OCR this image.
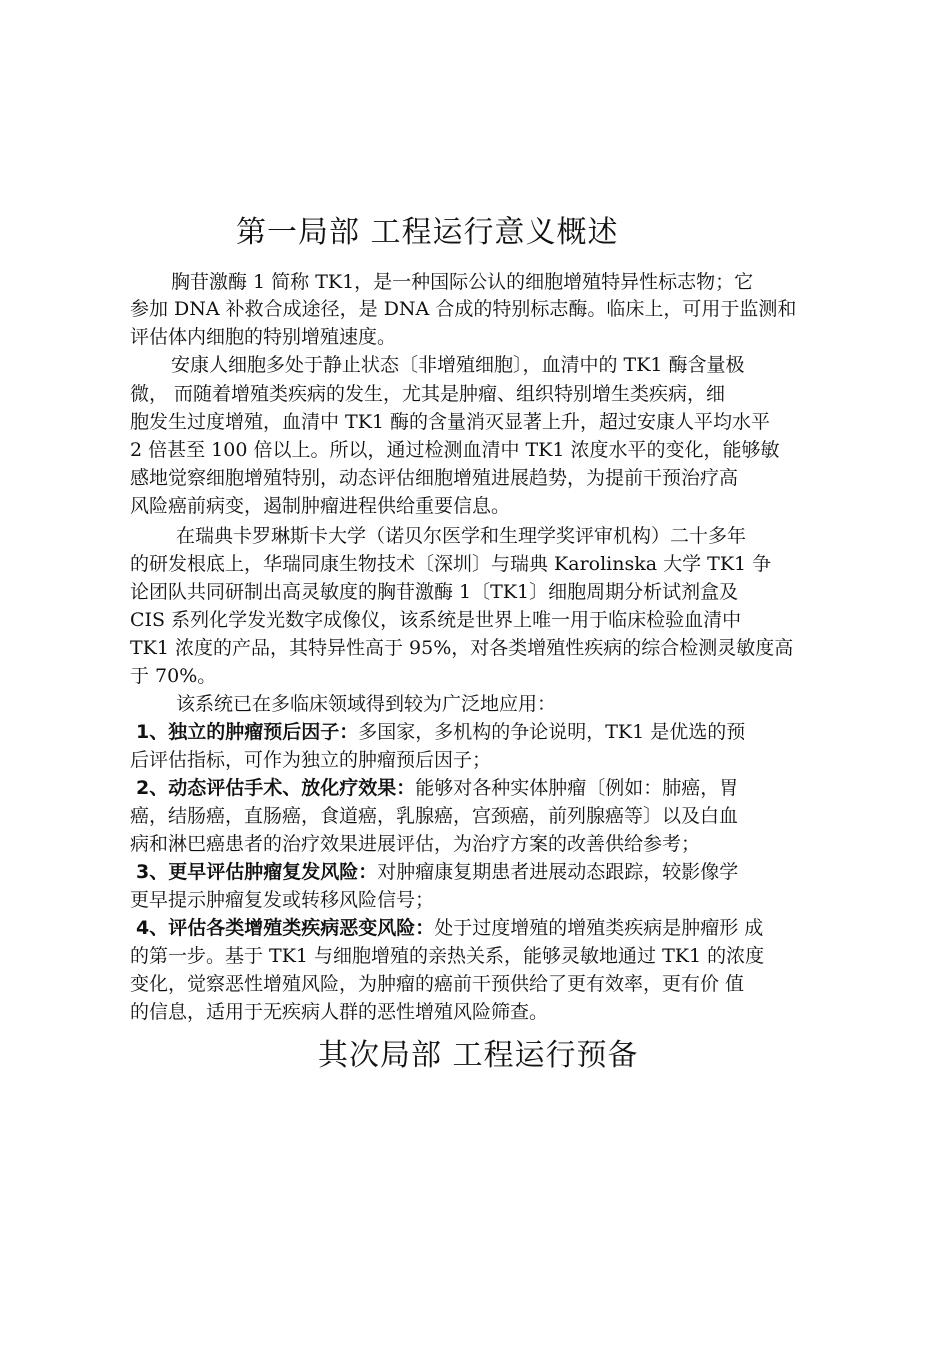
第一局部 工程运行意义概述
胸苷激酶 1 简称 TK1，是一种国际公认的细胞增殖特异性标志物；它
参加 DNA 补救合成途径，是 DNA 合成的特别标志酶。临床上，可用于监测和
评估体内细胞的特别增殖速度。
安康人细胞多处于静止状态〔非增殖细胞〕，血清中的 TK1 酶含量极
微， 而随着增殖类疾病的发生，尤其是肿瘤、组织特别增生类疾病，细
胞发生过度增殖，血清中 TK1 酶的含量消灭显著上升，超过安康人平均水平
2 倍甚至 100 倍以上。所以，通过检测血清中 TK1 浓度水平的变化，能够敏
感地觉察细胞增殖特别，动态评估细胞增殖进展趋势，为提前干预治疗高
风险癌前病变，遏制肿瘤进程供给重要信息。
在瑞典卡罗琳斯卡大学（诺贝尔医学和生理学奖评审机构）二十多年
的研发根底上，华瑞同康生物技术〔深圳〕与瑞典 Karolinska 大学 TK1 争
论团队共同研制出高灵敏度的胸苷激酶 1〔TK1〕细胞周期分析试剂盒及
CIS 系列化学发光数字成像仪，该系统是世界上唯一用于临床检验血清中
TK1 浓度的产品，其特异性高于 95%，对各类增殖性疾病的综合检测灵敏度高
于 70%。
该系统已在多临床领域得到较为广泛地应用：
1、独立的肿瘤预后因子：多国家，多机构的争论说明，TK1 是优选的预
后评估指标，可作为独立的肿瘤预后因子；
2、动态评估手术、放化疗效果：能够对各种实体肿瘤〔例如：肺癌，胃
癌，结肠癌，直肠癌，食道癌，乳腺癌，宫颈癌，前列腺癌等〕以及白血
病和淋巴癌患者的治疗效果进展评估，为治疗方案的改善供给参考；
3、更早评估肿瘤复发风险：对肿瘤康复期患者进展动态跟踪，较影像学
更早提示肿瘤复发或转移风险信号；
4、评估各类增殖类疾病恶变风险：处于过度增殖的增殖类疾病是肿瘤形 成
的第一步。基于 TK1 与细胞增殖的亲热关系，能够灵敏地通过 TK1 的浓度
变化，觉察恶性增殖风险，为肿瘤的癌前干预供给了更有效率，更有价 值
的信息，适用于无疾病人群的恶性增殖风险筛查。
其次局部 工程运行预备
